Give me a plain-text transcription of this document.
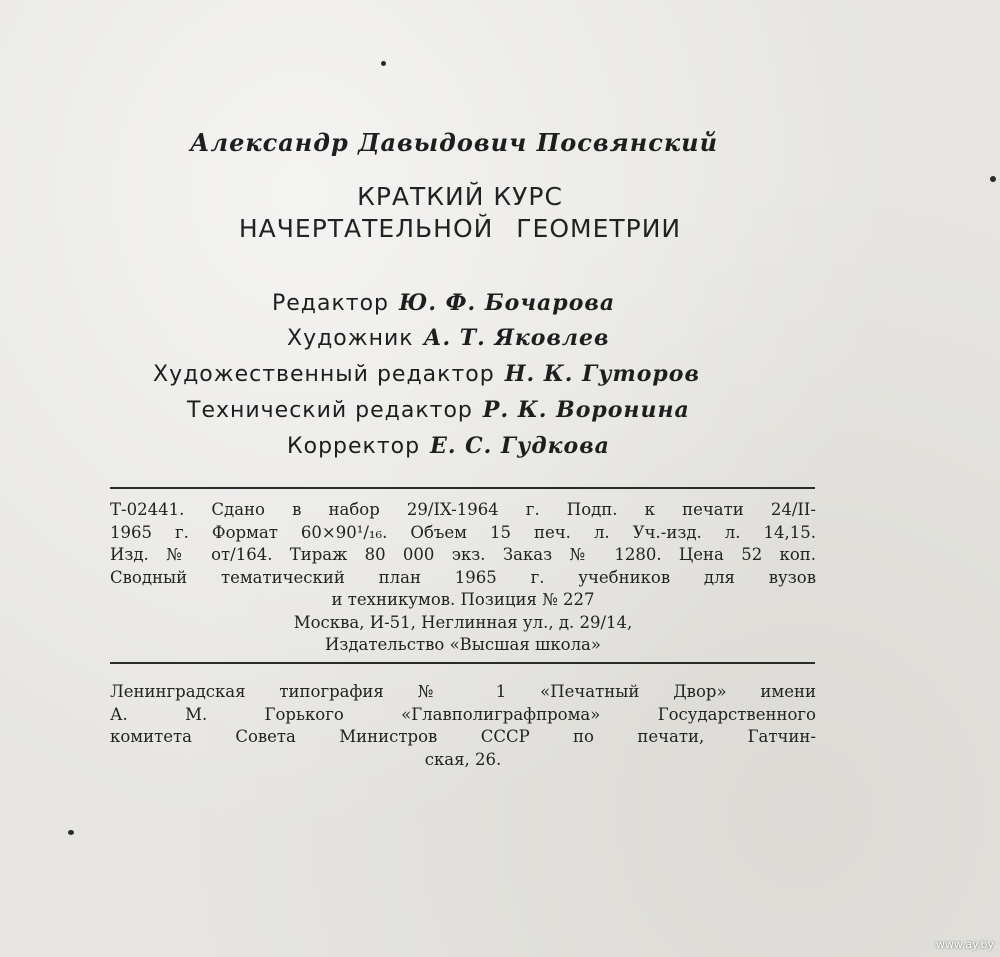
Александр Давыдович Посвянский
КРАТКИЙ КУРС
НАЧЕРТАТЕЛЬНОЙ ГЕОМЕТРИИ
Редактор Ю. Ф. Бочарова
Художник А. Т. Яковлев
Художественный редактор Н. К. Гуторов
Технический редактор Р. К. Воронина
Корректор Е. С. Гудкова
Т-02441. Сдано в набор 29/IX-1964 г. Подп. к печати 24/II-
1965 г. Формат 60×90¹/₁₆. Объем 15 печ. л. Уч.-изд. л. 14,15.
Изд. № от/164. Тираж 80 000 экз. Заказ № 1280. Цена 52 коп.
Сводный тематический план 1965 г. учебников для вузов
и техникумов. Позиция № 227
Москва, И-51, Неглинная ул., д. 29/14,
Издательство «Высшая школа»
Ленинградская типография № 1 «Печатный Двор» имени
А. М. Горького «Главполиграфпрома» Государственного
комитета Совета Министров СССР по печати, Гатчин-
ская, 26.
www.ay.by
